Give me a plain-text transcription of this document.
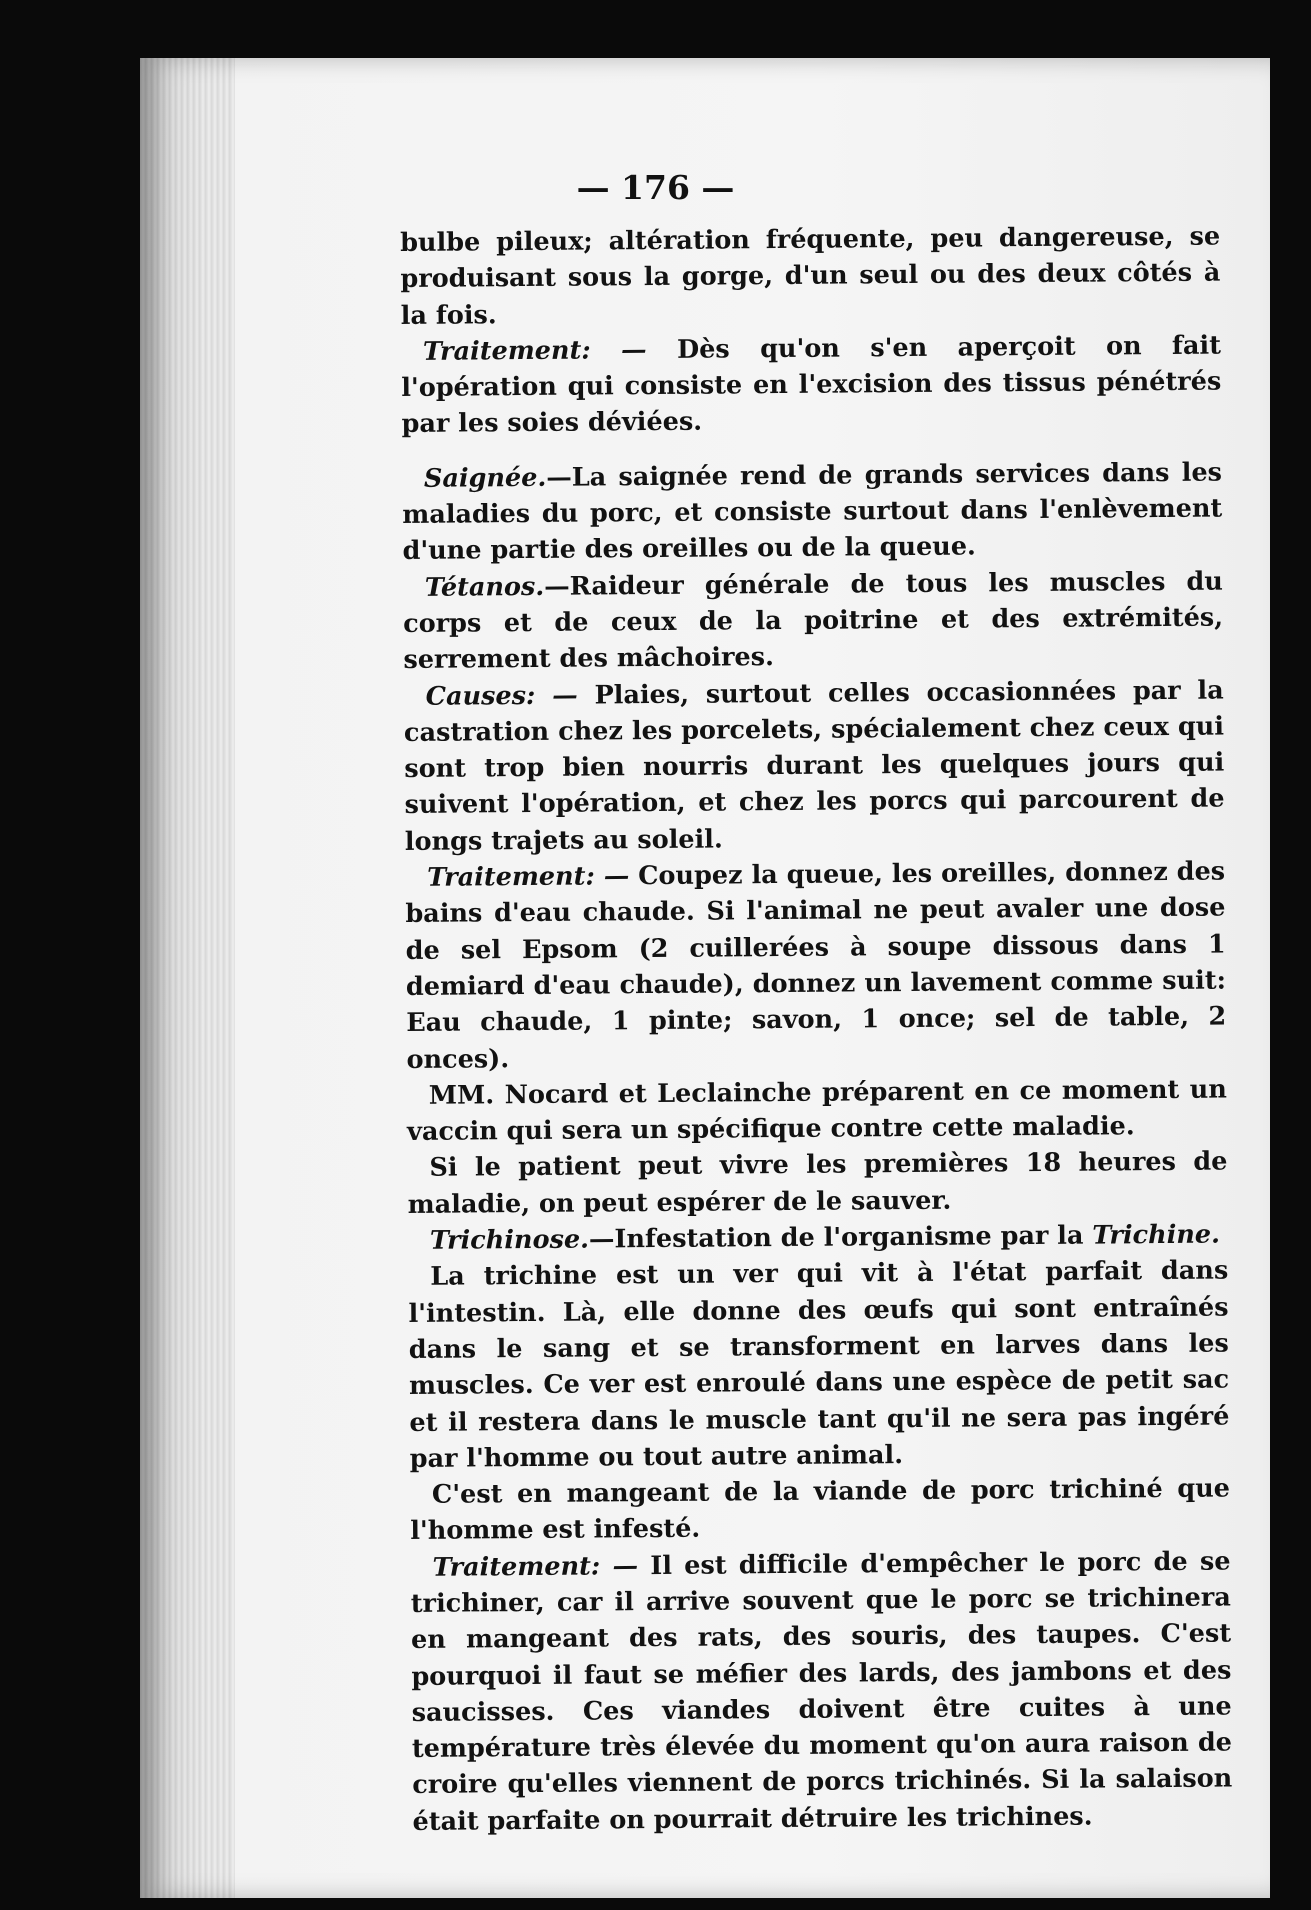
— 176 —

bulbe pileux; altération fréquente, peu dangereuse, se produisant sous la gorge, d'un seul ou des deux côtés à la fois.

Traitement: — Dès qu'on s'en aperçoit on fait l'opération qui consiste en l'excision des tissus pénétrés par les soies déviées.

Saignée.—La saignée rend de grands services dans les maladies du porc, et consiste surtout dans l'enlèvement d'une partie des oreilles ou de la queue.

Tétanos.—Raideur générale de tous les muscles du corps et de ceux de la poitrine et des extrémités, serrement des mâchoires.

Causes: — Plaies, surtout celles occasionnées par la castration chez les porcelets, spécialement chez ceux qui sont trop bien nourris durant les quelques jours qui suivent l'opération, et chez les porcs qui parcourent de longs trajets au soleil.

Traitement: — Coupez la queue, les oreilles, donnez des bains d'eau chaude. Si l'animal ne peut avaler une dose de sel Epsom (2 cuillerées à soupe dissous dans 1 demiard d'eau chaude), donnez un lavement comme suit: Eau chaude, 1 pinte; savon, 1 once; sel de table, 2 onces).

MM. Nocard et Leclainche préparent en ce moment un vaccin qui sera un spécifique contre cette maladie.

Si le patient peut vivre les premières 18 heures de maladie, on peut espérer de le sauver.

Trichinose.—Infestation de l'organisme par la Trichine.

La trichine est un ver qui vit à l'état parfait dans l'intestin. Là, elle donne des œufs qui sont entraînés dans le sang et se transforment en larves dans les muscles. Ce ver est enroulé dans une espèce de petit sac et il restera dans le muscle tant qu'il ne sera pas ingéré par l'homme ou tout autre animal.

C'est en mangeant de la viande de porc trichiné que l'homme est infesté.

Traitement: — Il est difficile d'empêcher le porc de se trichiner, car il arrive souvent que le porc se trichinera en mangeant des rats, des souris, des taupes. C'est pourquoi il faut se méfier des lards, des jambons et des saucisses. Ces viandes doivent être cuites à une température très élevée du moment qu'on aura raison de croire qu'elles viennent de porcs trichinés. Si la salaison était parfaite on pourrait détruire les trichines.
